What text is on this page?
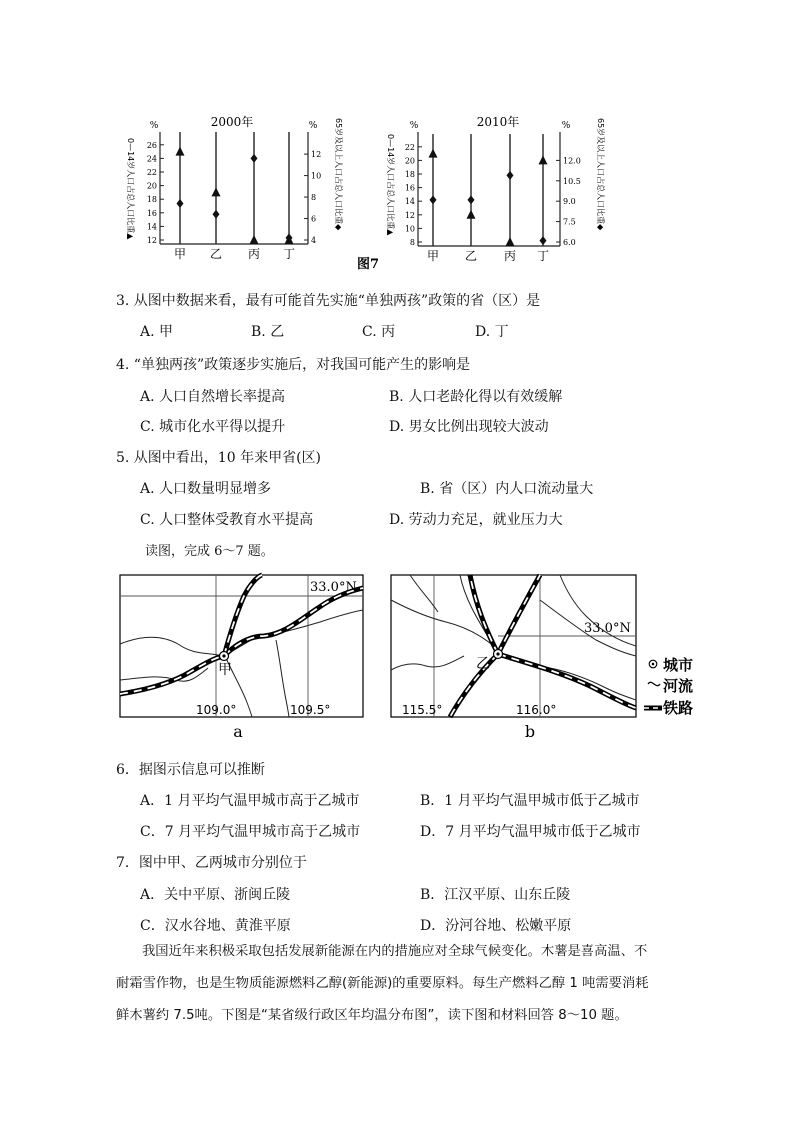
2000年
%	%
0—14岁人口占总人口比重▲	65岁及以上人口占总人口比重◆
12
14
16
18
20
22
24
26
4
6
8
10
12
甲 乙 丙 丁
2010年
%	%
0—14岁人口占总人口比重▲	65岁及以上人口占总人口比重◆
8
10
12
14
16
18
20
22
6.0
7.5
9.0
10.5
12.0
甲 乙 丙 丁
图7
3. 从图中数据来看，最有可能首先实施“单独两孩”政策的省（区）是
A. 甲	B. 乙	C. 丙	D. 丁
4. “单独两孩”政策逐步实施后，对我国可能产生的影响是
A. 人口自然增长率提高	B. 人口老龄化得以有效缓解
C. 城市化水平得以提升	D. 男女比例出现较大波动
5. 从图中看出，10 年来甲省(区)
A. 人口数量明显增多	B. 省（区）内人口流动量大
C. 人口整体受教育水平提高	D. 劳动力充足，就业压力大
读图，完成 6～7 题。
甲
33.0°N
109.0°	109.5°
a
乙
33.0°N
115.5°	116.0°
b
城市
河流
铁路
6．据图示信息可以推断
A．1 月平均气温甲城市高于乙城市	B．1 月平均气温甲城市低于乙城市
C．7 月平均气温甲城市高于乙城市	D．7 月平均气温甲城市低于乙城市
7．图中甲、乙两城市分别位于
A．关中平原、浙闽丘陵	B．江汉平原、山东丘陵
C．汉水谷地、黄淮平原	D．汾河谷地、松嫩平原
我国近年来积极采取包括发展新能源在内的措施应对全球气候变化。木薯是喜高温、不
耐霜雪作物，也是生物质能源燃料乙醇(新能源)的重要原料。每生产燃料乙醇 1 吨需要消耗
鲜木薯约 7.5吨。下图是“某省级行政区年均温分布图”，读下图和材料回答 8～10 题。
